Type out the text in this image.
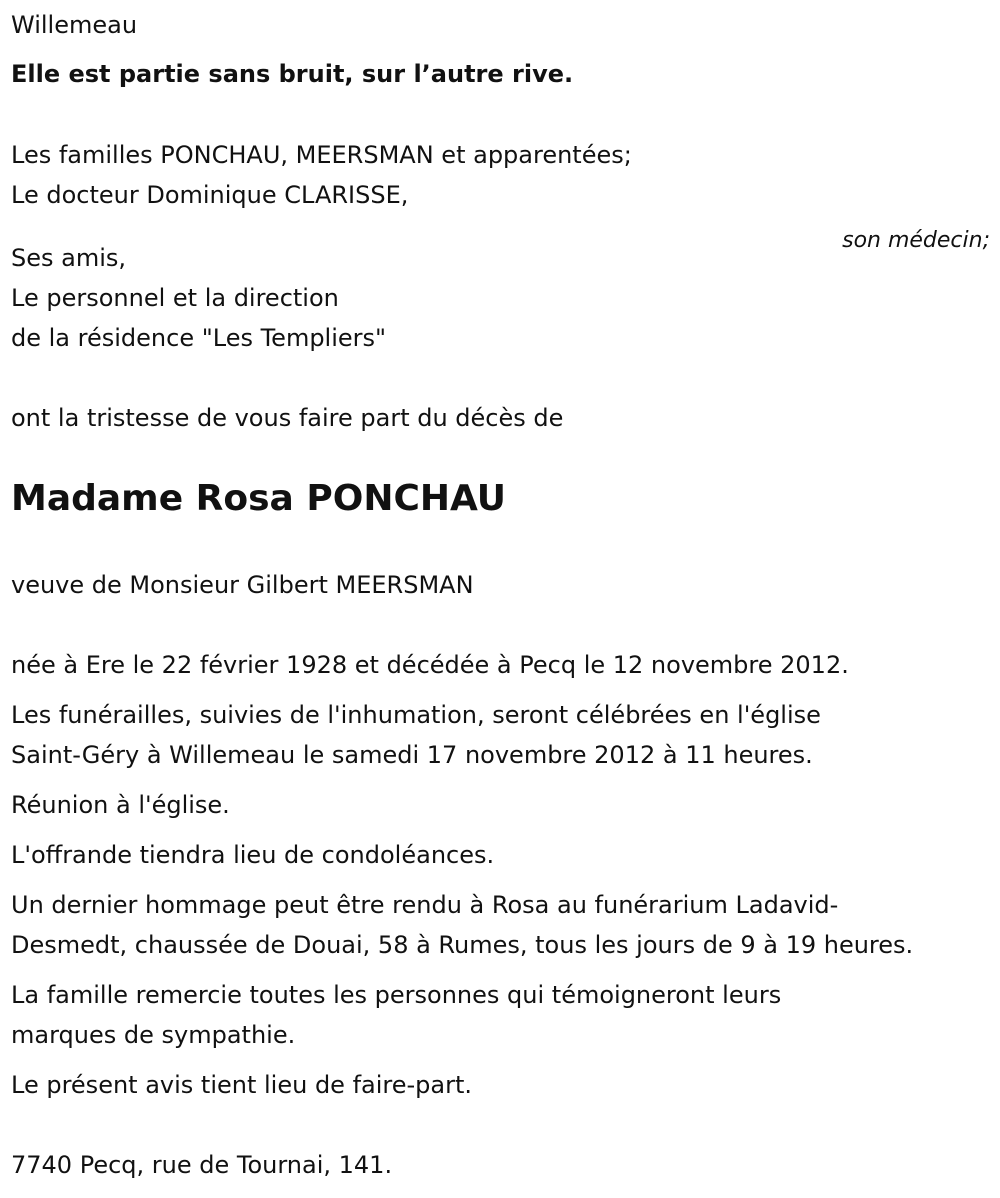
Willemeau

Elle est partie sans bruit, sur l’autre rive.

Les familles PONCHAU, MEERSMAN et apparentées;

Le docteur Dominique CLARISSE,

son médecin;

Ses amis,

Le personnel et la direction

de la résidence "Les Templiers"

ont la tristesse de vous faire part du décès de

Madame Rosa PONCHAU

veuve de Monsieur Gilbert MEERSMAN

née à Ere le 22 février 1928 et décédée à Pecq le 12 novembre 2012.

Les funérailles, suivies de l'inhumation, seront célébrées en l'église

Saint-Géry à Willemeau le samedi 17 novembre 2012 à 11 heures.

Réunion à l'église.

L'offrande tiendra lieu de condoléances.

Un dernier hommage peut être rendu à Rosa au funérarium Ladavid-

Desmedt, chaussée de Douai, 58 à Rumes, tous les jours de 9 à 19 heures.

La famille remercie toutes les personnes qui témoigneront leurs

marques de sympathie.

Le présent avis tient lieu de faire-part.

7740 Pecq, rue de Tournai, 141.
